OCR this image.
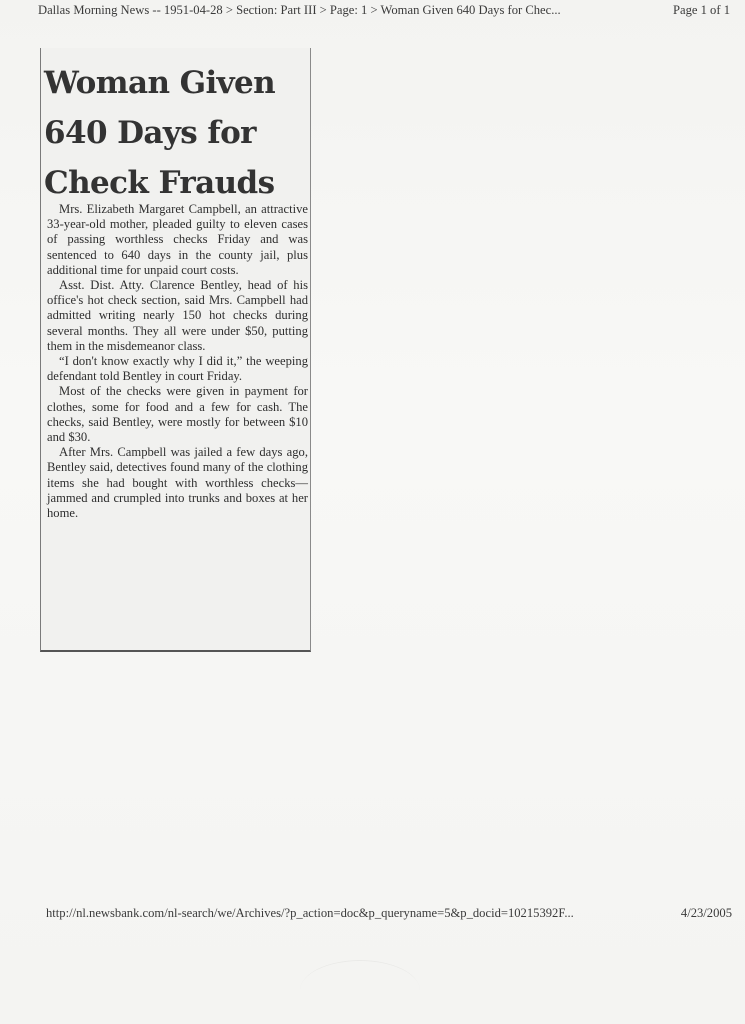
Dallas Morning News -- 1951-04-28 > Section: Part III > Page: 1 > Woman Given 640 Days for Chec...	Page 1 of 1
Woman Given 640 Days for Check Frauds

Mrs. Elizabeth Margaret Campbell, an attractive 33-year-old mother, pleaded guilty to eleven cases of passing worthless checks Friday and was sentenced to 640 days in the county jail, plus additional time for unpaid court costs.

Asst. Dist. Atty. Clarence Bentley, head of his office's hot check section, said Mrs. Campbell had admitted writing nearly 150 hot checks during several months. They all were under $50, putting them in the misdemeanor class.

“I don't know exactly why I did it,” the weeping defendant told Bentley in court Friday.

Most of the checks were given in payment for clothes, some for food and a few for cash. The checks, said Bentley, were mostly for between $10 and $30.

After Mrs. Campbell was jailed a few days ago, Bentley said, detectives found many of the clothing items she had bought with worthless checks—jammed and crumpled into trunks and boxes at her home.

http://nl.newsbank.com/nl-search/we/Archives/?p_action=doc&p_queryname=5&p_docid=10215392F...	4/23/2005
